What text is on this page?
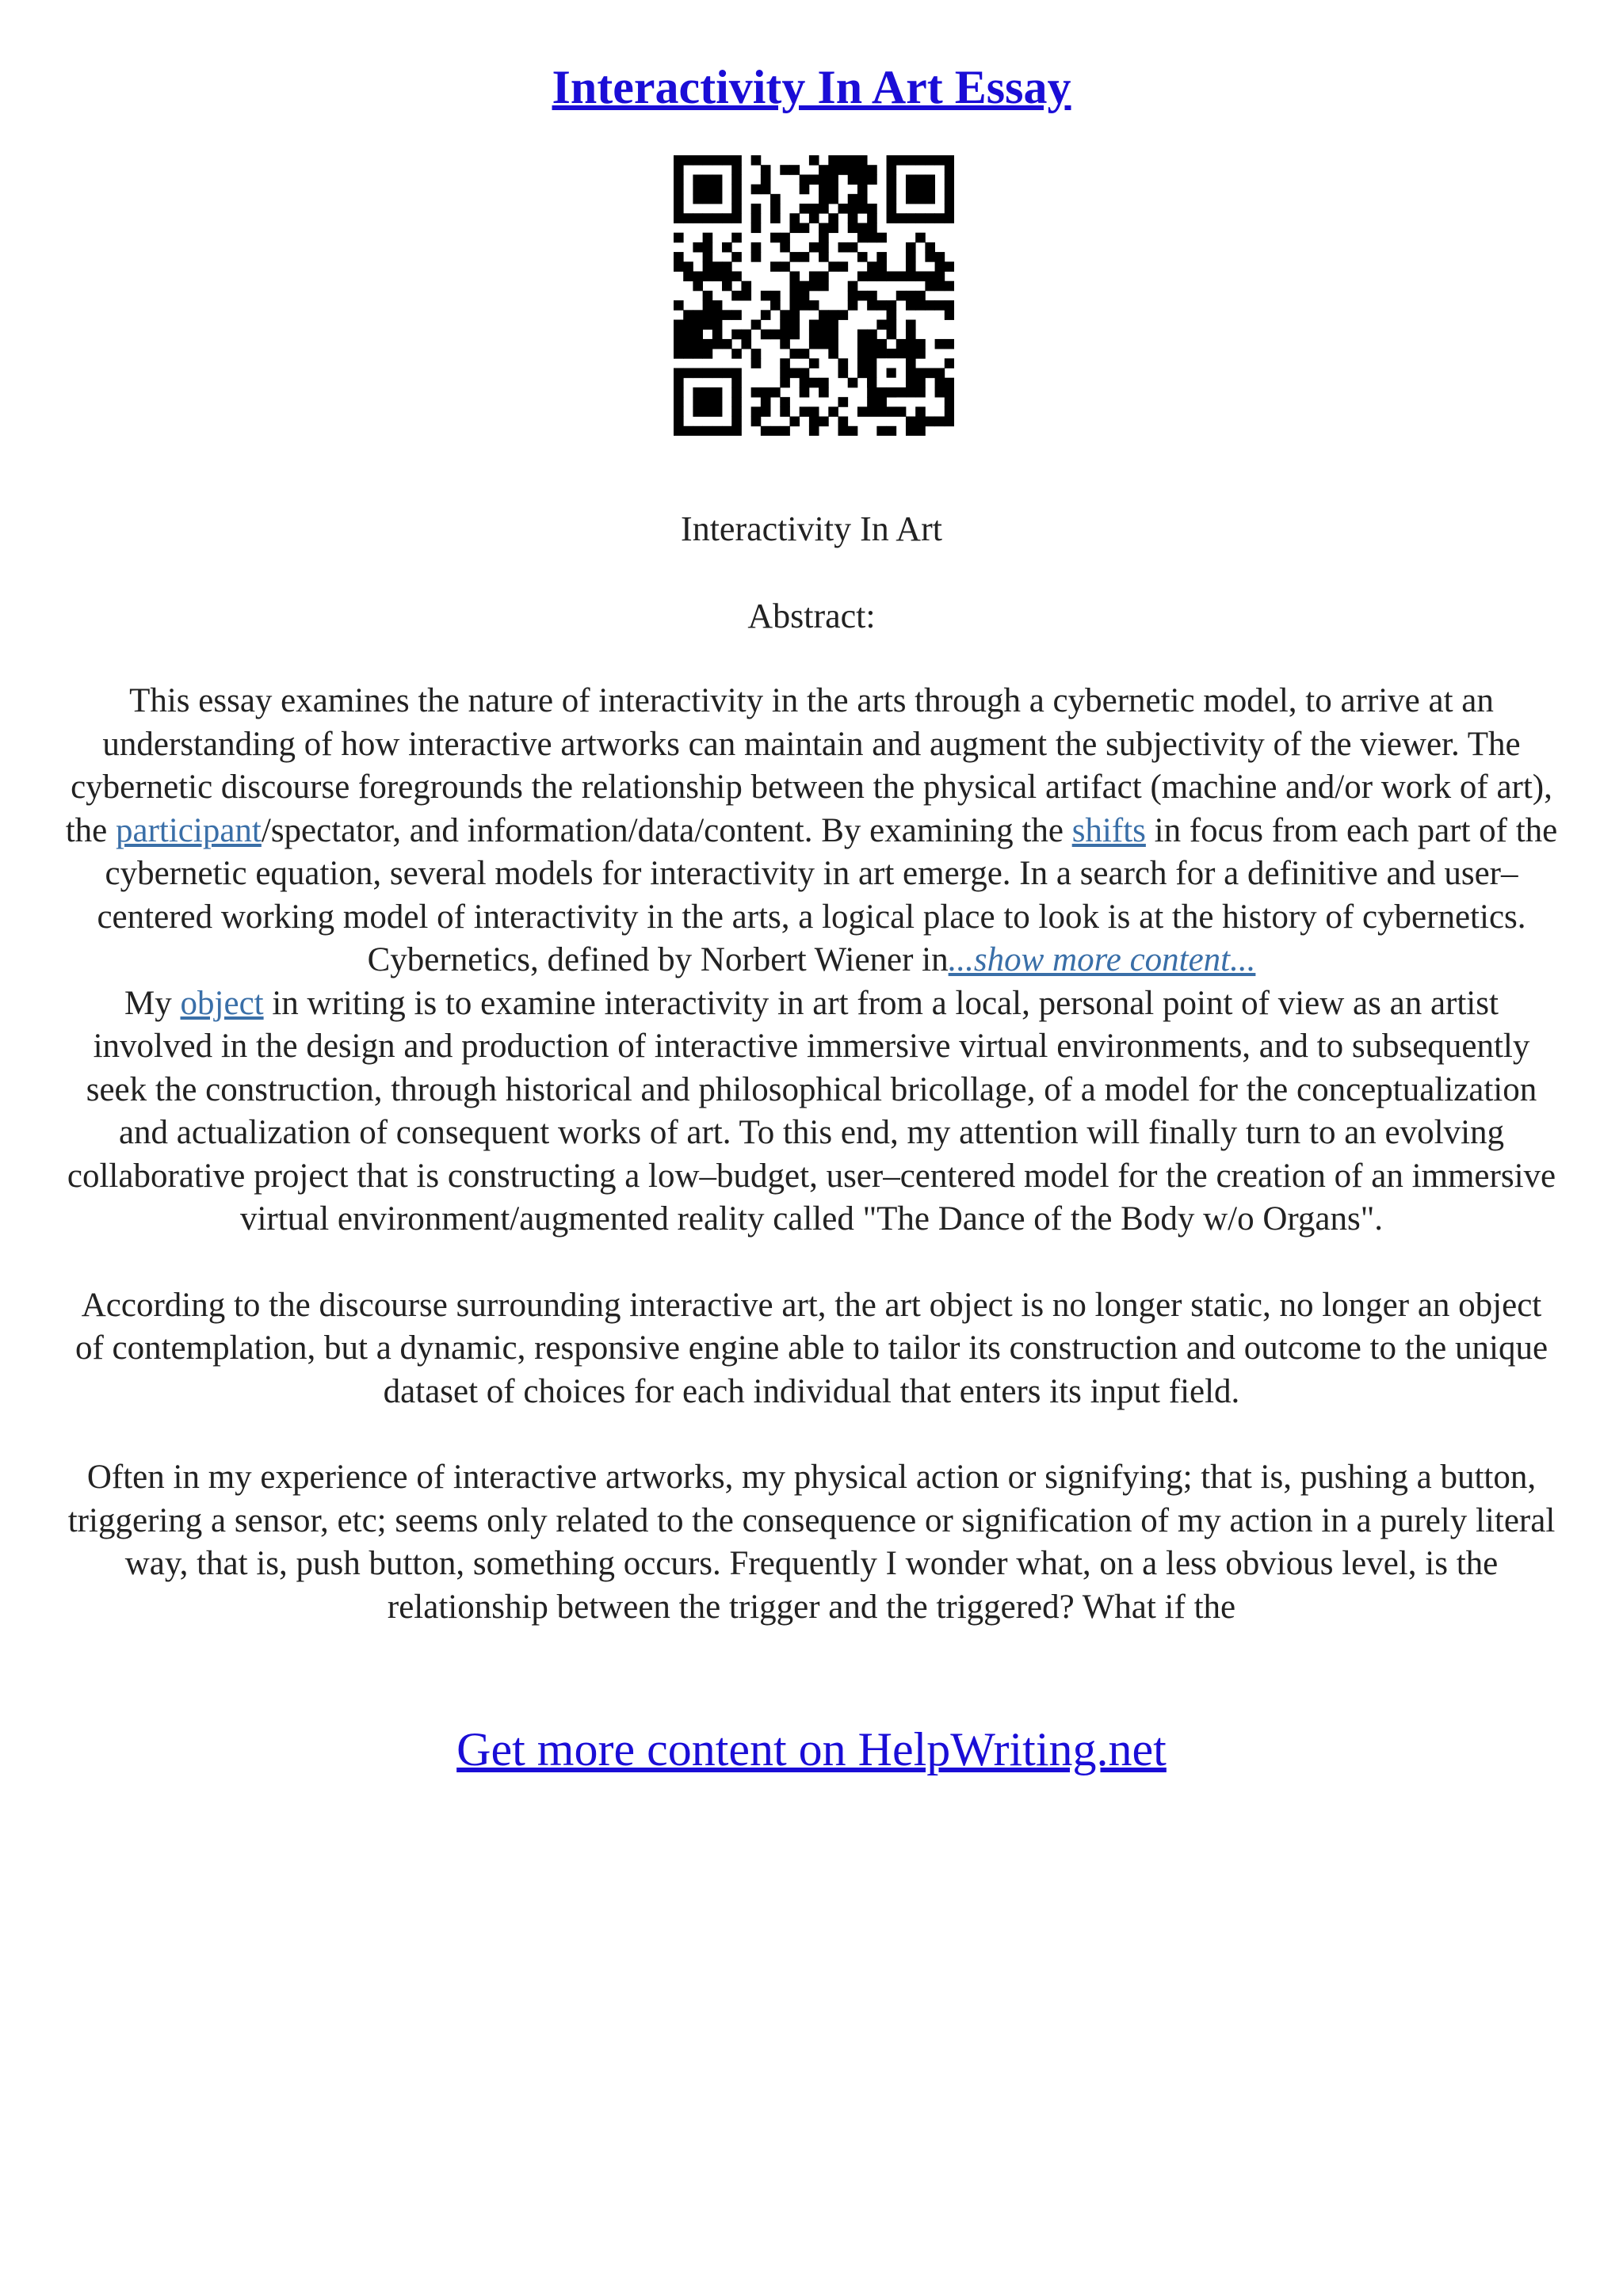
Interactivity In Art Essay
Interactivity In Art
Abstract:

This essay examines the nature of interactivity in the arts through a cybernetic model, to arrive at an understanding of how interactive artworks can maintain and augment the subjectivity of the viewer. The cybernetic discourse foregrounds the relationship between the physical artifact (machine and/or work of art), the participant/spectator, and information/data/content. By examining the shifts in focus from each part of the cybernetic equation, several models for interactivity in art emerge. In a search for a definitive and user–centered working model of interactivity in the arts, a logical place to look is at the history of cybernetics. Cybernetics, defined by Norbert Wiener in...show more content...

My object in writing is to examine interactivity in art from a local, personal point of view as an artist involved in the design and production of interactive immersive virtual environments, and to subsequently seek the construction, through historical and philosophical bricollage, of a model for the conceptualization and actualization of consequent works of art. To this end, my attention will finally turn to an evolving collaborative project that is constructing a low–budget, user–centered model for the creation of an immersive virtual environment/augmented reality called "The Dance of the Body w/o Organs".

According to the discourse surrounding interactive art, the art object is no longer static, no longer an object of contemplation, but a dynamic, responsive engine able to tailor its construction and outcome to the unique dataset of choices for each individual that enters its input field.

Often in my experience of interactive artworks, my physical action or signifying; that is, pushing a button, triggering a sensor, etc; seems only related to the consequence or signification of my action in a purely literal way, that is, push button, something occurs. Frequently I wonder what, on a less obvious level, is the relationship between the trigger and the triggered? What if the

Get more content on HelpWriting.net
